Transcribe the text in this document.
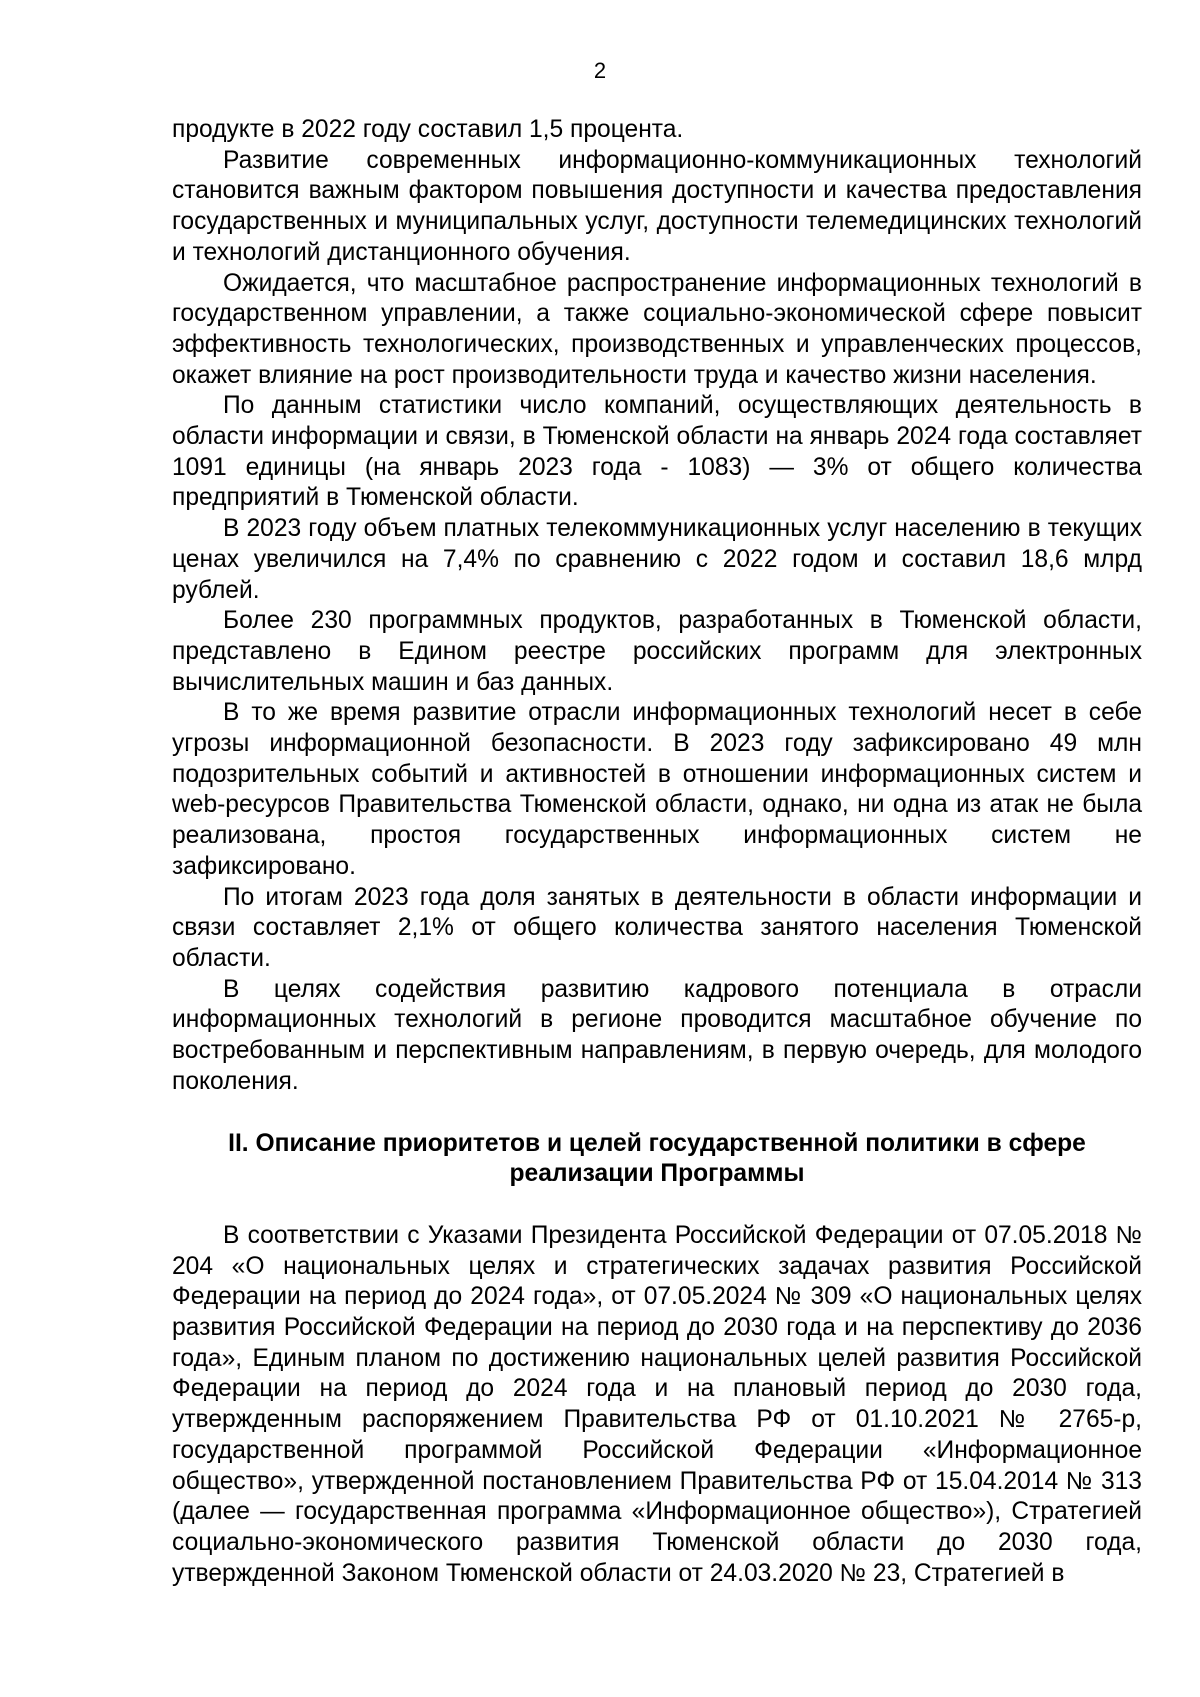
2

продукте в 2022 году составил 1,5 процента.

Развитие современных информационно-коммуникационных технологий становится важным фактором повышения доступности и качества предоставления государственных и муниципальных услуг, доступности телемедицинских технологий и технологий дистанционного обучения.

Ожидается, что масштабное распространение информационных технологий в государственном управлении, а также социально-экономической сфере повысит эффективность технологических, производственных и управленческих процессов, окажет влияние на рост производительности труда и качество жизни населения.

По данным статистики число компаний, осуществляющих деятельность в области информации и связи, в Тюменской области на январь 2024 года составляет 1091 единицы (на январь 2023 года - 1083) — 3% от общего количества предприятий в Тюменской области.

В 2023 году объем платных телекоммуникационных услуг населению в текущих ценах увеличился на 7,4% по сравнению с 2022 годом и составил 18,6 млрд рублей.

Более 230 программных продуктов, разработанных в Тюменской области, представлено в Едином реестре российских программ для электронных вычислительных машин и баз данных.

В то же время развитие отрасли информационных технологий несет в себе угрозы информационной безопасности. В 2023 году зафиксировано 49 млн подозрительных событий и активностей в отношении информационных систем и web-ресурсов Правительства Тюменской области, однако, ни одна из атак не была реализована, простоя государственных информационных систем не зафиксировано.

По итогам 2023 года доля занятых в деятельности в области информации и связи составляет 2,1% от общего количества занятого населения Тюменской области.

В целях содействия развитию кадрового потенциала в отрасли информационных технологий в регионе проводится масштабное обучение по востребованным и перспективным направлениям, в первую очередь, для молодого поколения.

II. Описание приоритетов и целей государственной политики в сфере реализации Программы

В соответствии с Указами Президента Российской Федерации от 07.05.2018 № 204 «О национальных целях и стратегических задачах развития Российской Федерации на период до 2024 года», от 07.05.2024 № 309 «О национальных целях развития Российской Федерации на период до 2030 года и на перспективу до 2036 года», Единым планом по достижению национальных целей развития Российской Федерации на период до 2024 года и на плановый период до 2030 года, утвержденным распоряжением Правительства РФ от 01.10.2021 № 2765-р, государственной программой Российской Федерации «Информационное общество», утвержденной постановлением Правительства РФ от 15.04.2014 № 313 (далее — государственная программа «Информационное общество»), Стратегией социально-экономического развития Тюменской области до 2030 года, утвержденной Законом Тюменской области от 24.03.2020 № 23, Стратегией в
